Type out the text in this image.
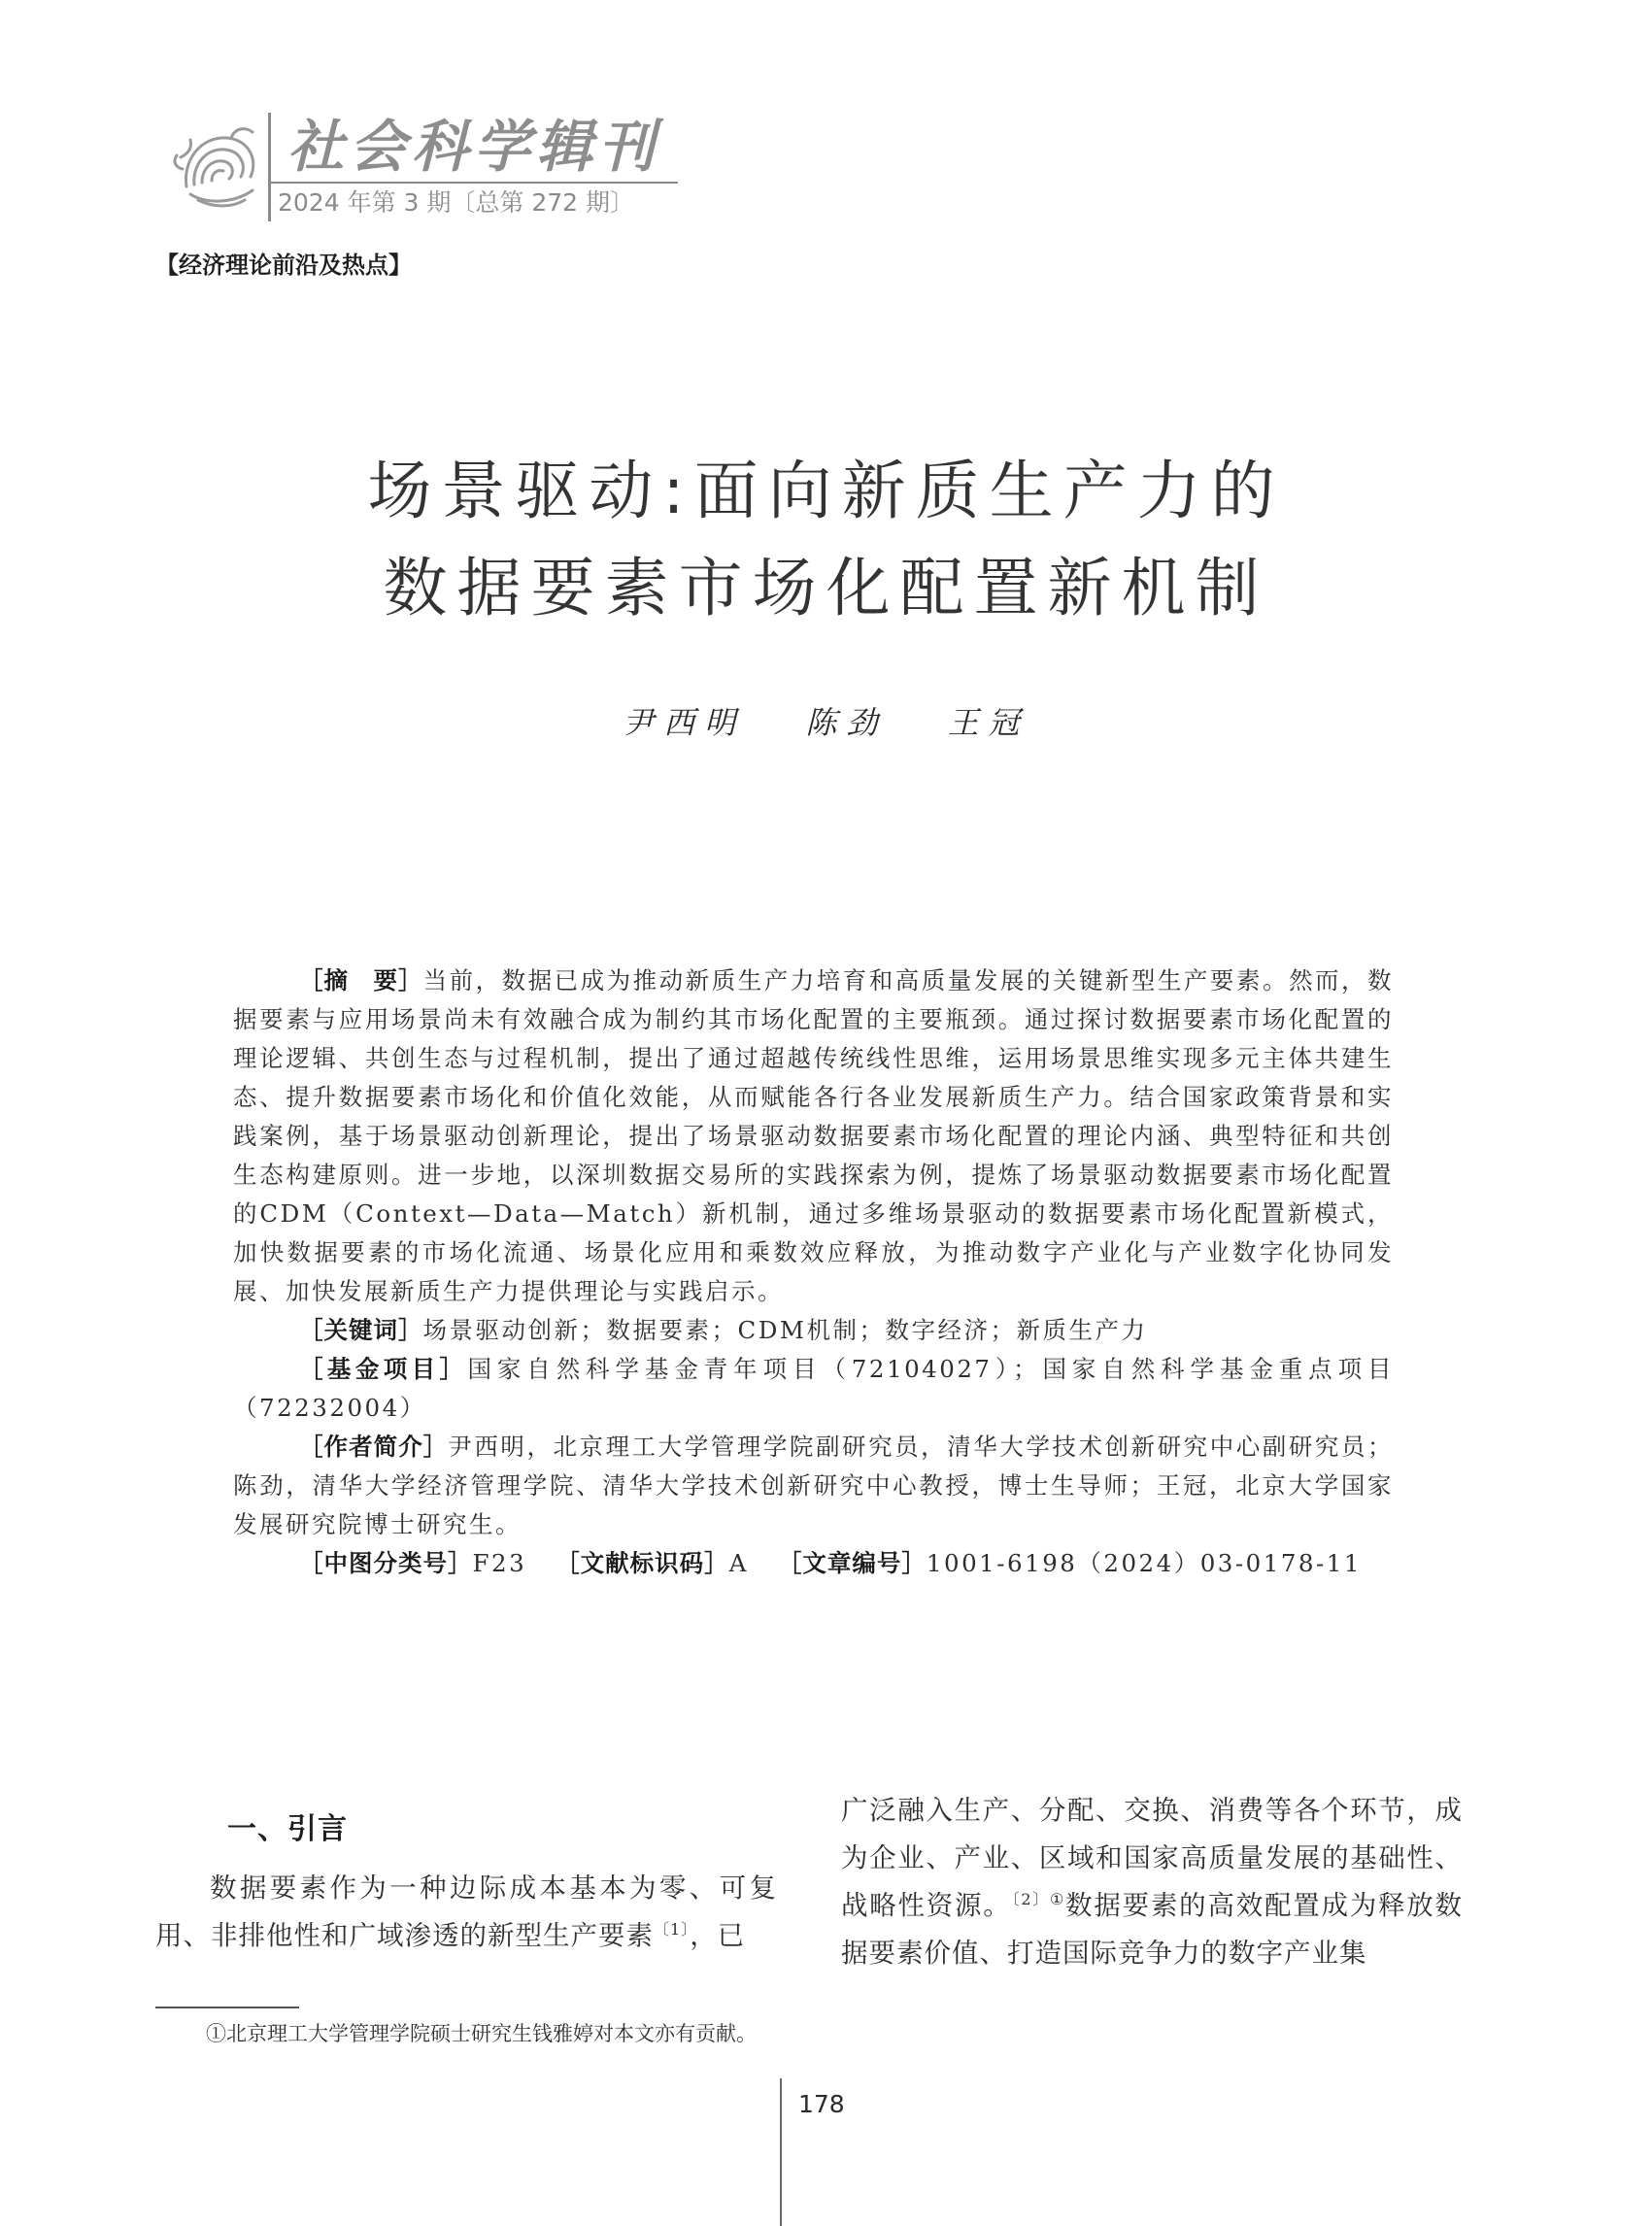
社会科学辑刊
2024 年第 3 期〔总第 272 期〕
【经济理论前沿及热点】
场景驱动:面向新质生产力的
数据要素市场化配置新机制
尹西明 陈劲 王冠

［摘　要］当前，数据已成为推动新质生产力培育和高质量发展的关键新型生产要素。然而，数据要素与应用场景尚未有效融合成为制约其市场化配置的主要瓶颈。通过探讨数据要素市场化配置的理论逻辑、共创生态与过程机制，提出了通过超越传统线性思维，运用场景思维实现多元主体共建生态、提升数据要素市场化和价值化效能，从而赋能各行各业发展新质生产力。结合国家政策背景和实践案例，基于场景驱动创新理论，提出了场景驱动数据要素市场化配置的理论内涵、典型特征和共创生态构建原则。进一步地，以深圳数据交易所的实践探索为例，提炼了场景驱动数据要素市场化配置的CDM（Context—Data—Match）新机制，通过多维场景驱动的数据要素市场化配置新模式，加快数据要素的市场化流通、场景化应用和乘数效应释放，为推动数字产业化与产业数字化协同发展、加快发展新质生产力提供理论与实践启示。

［关键词］场景驱动创新；数据要素；CDM机制；数字经济；新质生产力

［基金项目］国家自然科学基金青年项目（72104027）；国家自然科学基金重点项目（72232004）

［作者简介］尹西明，北京理工大学管理学院副研究员，清华大学技术创新研究中心副研究员；陈劲，清华大学经济管理学院、清华大学技术创新研究中心教授，博士生导师；王冠，北京大学国家发展研究院博士研究生。

［中图分类号］F23 ［文献标识码］A ［文章编号］1001-6198（2024）03-0178-11
一、引言

数据要素作为一种边际成本基本为零、可复用、非排他性和广域渗透的新型生产要素$^{〔1〕}$，已

广泛融入生产、分配、交换、消费等各个环节，成为企业、产业、区域和国家高质量发展的基础性、战略性资源。$^{〔2〕①}$数据要素的高效配置成为释放数据要素价值、打造国际竞争力的数字产业集

①北京理工大学管理学院硕士研究生钱雅婷对本文亦有贡献。
178
